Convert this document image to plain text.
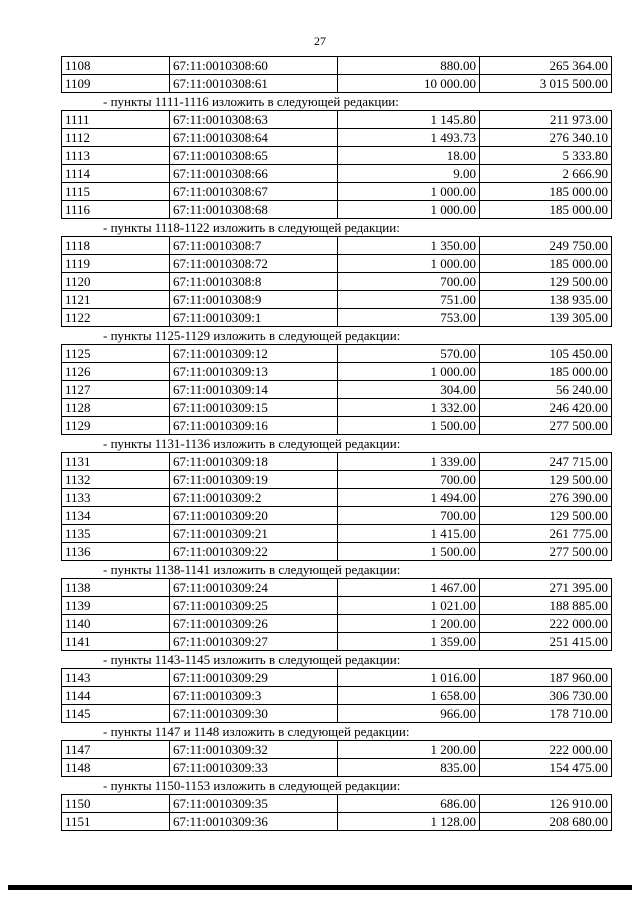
27
1108	67:11:0010308:60	880.00	265 364.00
1109	67:11:0010308:61	10 000.00	3 015 500.00
- пункты 1111-1116 изложить в следующей редакции:
1111	67:11:0010308:63	1 145.80	211 973.00
1112	67:11:0010308:64	1 493.73	276 340.10
1113	67:11:0010308:65	18.00	5 333.80
1114	67:11:0010308:66	9.00	2 666.90
1115	67:11:0010308:67	1 000.00	185 000.00
1116	67:11:0010308:68	1 000.00	185 000.00
- пункты 1118-1122 изложить в следующей редакции:
1118	67:11:0010308:7	1 350.00	249 750.00
1119	67:11:0010308:72	1 000.00	185 000.00
1120	67:11:0010308:8	700.00	129 500.00
1121	67:11:0010308:9	751.00	138 935.00
1122	67:11:0010309:1	753.00	139 305.00
- пункты 1125-1129 изложить в следующей редакции:
1125	67:11:0010309:12	570.00	105 450.00
1126	67:11:0010309:13	1 000.00	185 000.00
1127	67:11:0010309:14	304.00	56 240.00
1128	67:11:0010309:15	1 332.00	246 420.00
1129	67:11:0010309:16	1 500.00	277 500.00
- пункты 1131-1136 изложить в следующей редакции:
1131	67:11:0010309:18	1 339.00	247 715.00
1132	67:11:0010309:19	700.00	129 500.00
1133	67:11:0010309:2	1 494.00	276 390.00
1134	67:11:0010309:20	700.00	129 500.00
1135	67:11:0010309:21	1 415.00	261 775.00
1136	67:11:0010309:22	1 500.00	277 500.00
- пункты 1138-1141 изложить в следующей редакции:
1138	67:11:0010309:24	1 467.00	271 395.00
1139	67:11:0010309:25	1 021.00	188 885.00
1140	67:11:0010309:26	1 200.00	222 000.00
1141	67:11:0010309:27	1 359.00	251 415.00
- пункты 1143-1145 изложить в следующей редакции:
1143	67:11:0010309:29	1 016.00	187 960.00
1144	67:11:0010309:3	1 658.00	306 730.00
1145	67:11:0010309:30	966.00	178 710.00
- пункты 1147 и 1148 изложить в следующей редакции:
1147	67:11:0010309:32	1 200.00	222 000.00
1148	67:11:0010309:33	835.00	154 475.00
- пункты 1150-1153 изложить в следующей редакции:
1150	67:11:0010309:35	686.00	126 910.00
1151	67:11:0010309:36	1 128.00	208 680.00
